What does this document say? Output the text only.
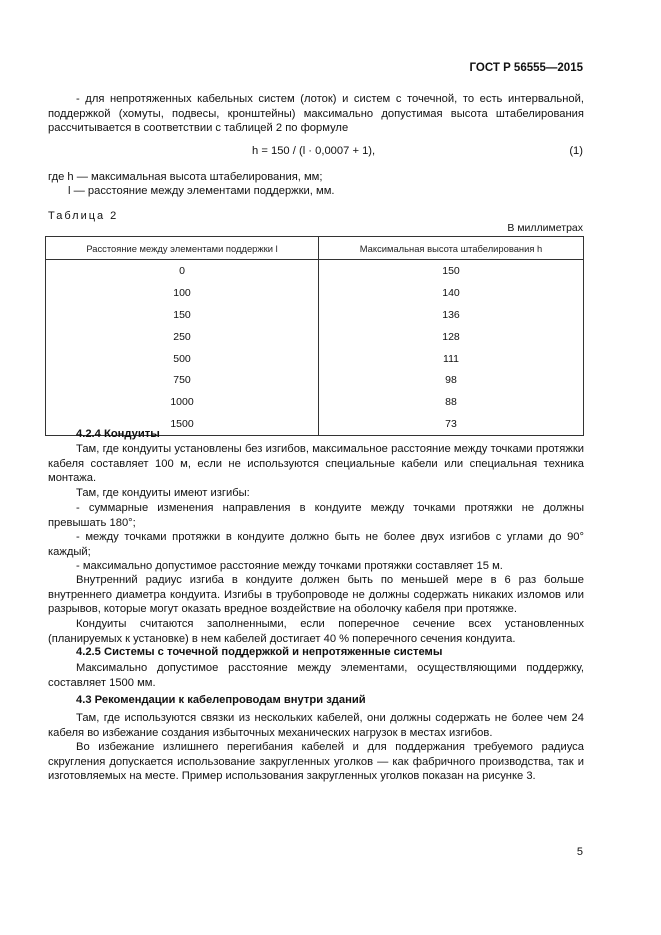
ГОСТ Р 56555—2015
- для непротяженных кабельных систем (лоток) и систем с точечной, то есть интервальной, поддержкой (хомуты, подвесы, кронштейны) максимально допустимая высота штабелирования рассчитывается в соответствии с таблицей 2 по формуле
h = 150 / (l · 0,0007 + 1),	(1)
где h — максимальная высота штабелирования, мм;
l — расстояние между элементами поддержки, мм.
Таблица 2
В миллиметрах
Расстояние между элементами поддержки l	Максимальная высота штабелирования h
0	150
100	140
150	136
250	128
500	111
750	98
1000	88
1500	73
4.2.4 Кондуиты
Там, где кондуиты установлены без изгибов, максимальное расстояние между точками протяжки кабеля составляет 100 м, если не используются специальные кабели или специальная техника монтажа.
Там, где кондуиты имеют изгибы:
- суммарные изменения направления в кондуите между точками протяжки не должны превышать 180°;
- между точками протяжки в кондуите должно быть не более двух изгибов с углами до 90° каждый;
- максимально допустимое расстояние между точками протяжки составляет 15 м.
Внутренний радиус изгиба в кондуите должен быть по меньшей мере в 6 раз больше внутреннего диаметра кондуита. Изгибы в трубопроводе не должны содержать никаких изломов или разрывов, которые могут оказать вредное воздействие на оболочку кабеля при протяжке.
Кондуиты считаются заполненными, если поперечное сечение всех установленных (планируемых к установке) в нем кабелей достигает 40 % поперечного сечения кондуита.
4.2.5 Системы с точечной поддержкой и непротяженные системы
Максимально допустимое расстояние между элементами, осуществляющими поддержку, составляет 1500 мм.
4.3 Рекомендации к кабелепроводам внутри зданий
Там, где используются связки из нескольких кабелей, они должны содержать не более чем 24 кабеля во избежание создания избыточных механических нагрузок в местах изгибов.
Во избежание излишнего перегибания кабелей и для поддержания требуемого радиуса скругления допускается использование закругленных уголков — как фабричного производства, так и изготовляемых на месте. Пример использования закругленных уголков показан на рисунке 3.
5
